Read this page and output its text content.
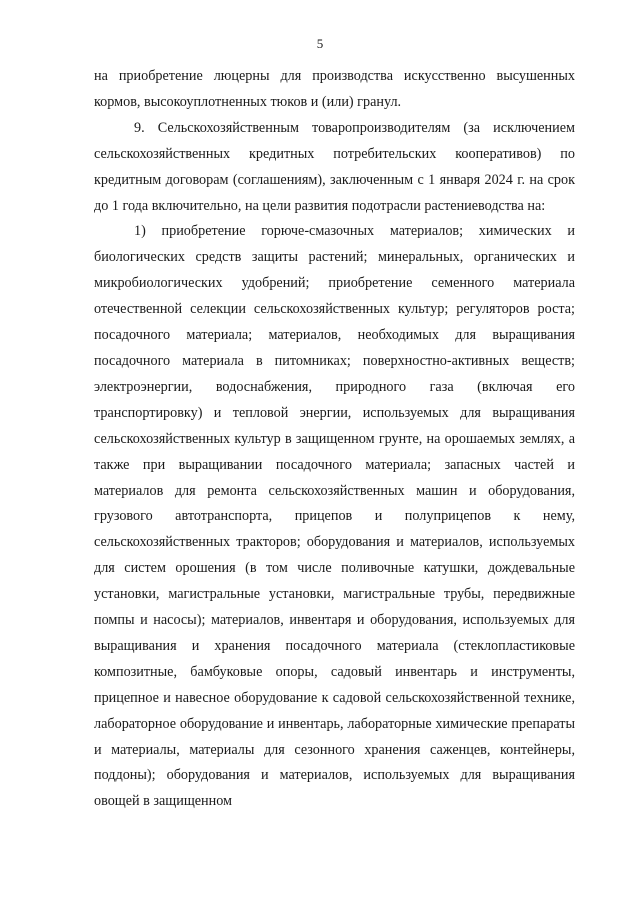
5

на приобретение люцерны для производства искусственно высушенных кормов, высокоуплотненных тюков и (или) гранул.

9. Сельскохозяйственным товаропроизводителям (за исключением сельскохозяйственных кредитных потребительских кооперативов) по кредитным договорам (соглашениям), заключенным с 1 января 2024 г. на срок до 1 года включительно, на цели развития подотрасли растениеводства на:

1) приобретение горюче-смазочных материалов; химических и биологических средств защиты растений; минеральных, органических и микробиологических удобрений; приобретение семенного материала отечественной селекции сельскохозяйственных культур; регуляторов роста; посадочного материала; материалов, необходимых для выращивания посадочного материала в питомниках; поверхностно-активных веществ; электроэнергии, водоснабжения, природного газа (включая его транспортировку) и тепловой энергии, используемых для выращивания сельскохозяйственных культур в защищенном грунте, на орошаемых землях, а также при выращивании посадочного материала; запасных частей и материалов для ремонта сельскохозяйственных машин и оборудования, грузового автотранспорта, прицепов и полуприцепов к нему, сельскохозяйственных тракторов; оборудования и материалов, используемых для систем орошения (в том числе поливочные катушки, дождевальные установки, магистральные установки, магистральные трубы, передвижные помпы и насосы); материалов, инвентаря и оборудования, используемых для выращивания и хранения посадочного материала (стеклопластиковые композитные, бамбуковые опоры, садовый инвентарь и инструменты, прицепное и навесное оборудование к садовой сельскохозяйственной технике, лабораторное оборудование и инвентарь, лабораторные химические препараты и материалы, материалы для сезонного хранения саженцев, контейнеры, поддоны); оборудования и материалов, используемых для выращивания овощей в защищенном
